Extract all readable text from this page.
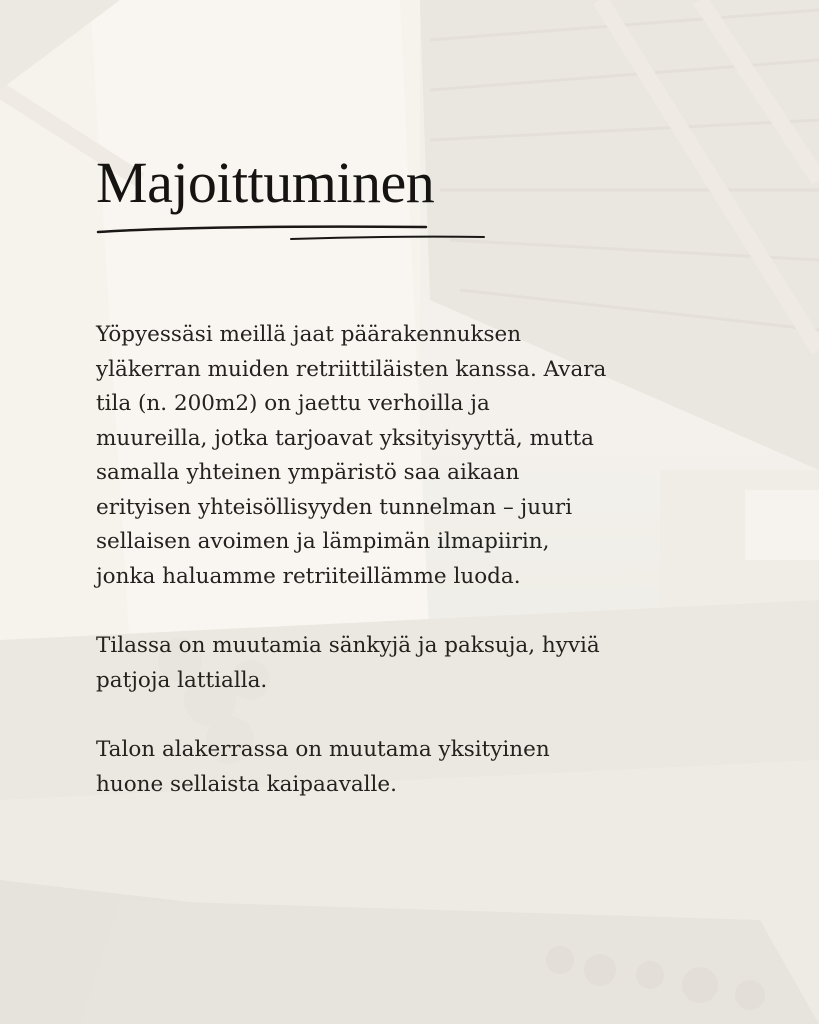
Majoittuminen

Yöpyessäsi meillä jaat päärakennuksen
yläkerran muiden retriittiläisten kanssa. Avara
tila (n. 200m2) on jaettu verhoilla ja
muureilla, jotka tarjoavat yksityisyyttä, mutta
samalla yhteinen ympäristö saa aikaan
erityisen yhteisöllisyyden tunnelman – juuri
sellaisen avoimen ja lämpimän ilmapiirin,
jonka haluamme retriiteillämme luoda.

Tilassa on muutamia sänkyjä ja paksuja, hyviä
patjoja lattialla.

Talon alakerrassa on muutama yksityinen
huone sellaista kaipaavalle.
